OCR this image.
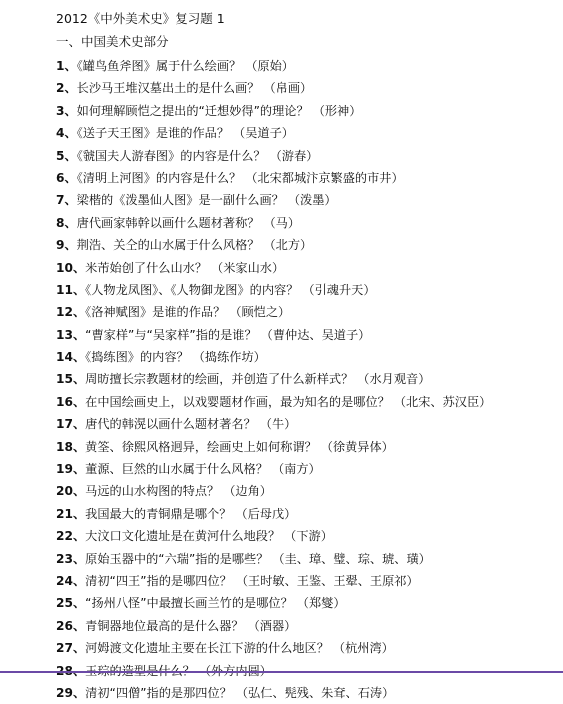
2012《中外美术史》复习题 1
一、中国美术史部分
1、《罐鸟鱼斧图》属于什么绘画？ （原始）
2、长沙马王堆汉墓出土的是什么画？ （帛画）
3、如何理解顾恺之提出的“迁想妙得”的理论？ （形神）
4、《送子天王图》是谁的作品？ （吴道子）
5、《虢国夫人游春图》的内容是什么？ （游春）
6、《清明上河图》的内容是什么？ （北宋都城汴京繁盛的市井）
7、梁楷的《泼墨仙人图》是一副什么画？ （泼墨）
8、唐代画家韩幹以画什么题材著称？ （马）
9、荆浩、关仝的山水属于什么风格？ （北方）
10、米芾始创了什么山水？ （米家山水）
11、《人物龙凤图》、《人物御龙图》的内容？ （引魂升天）
12、《洛神赋图》是谁的作品？ （顾恺之）
13、“曹家样”与“吴家样”指的是谁？ （曹仲达、吴道子）
14、《捣练图》的内容？ （捣练作坊）
15、周昉擅长宗教题材的绘画，并创造了什么新样式？ （水月观音）
16、在中国绘画史上，以戏婴题材作画，最为知名的是哪位？ （北宋、苏汉臣）
17、唐代的韩滉以画什么题材著名？ （牛）
18、黄筌、徐熙风格迥异，绘画史上如何称谓？ （徐黄异体）
19、董源、巨然的山水属于什么风格？ （南方）
20、马远的山水构图的特点？ （边角）
21、我国最大的青铜鼎是哪个？ （后母戊）
22、大汶口文化遗址是在黄河什么地段？ （下游）
23、原始玉器中的“六瑞”指的是哪些？ （圭、璋、璧、琮、琥、璜）
24、清初“四王”指的是哪四位？ （王时敏、王鉴、王翚、王原祁）
25、“扬州八怪”中最擅长画兰竹的是哪位？ （郑燮）
26、青铜器地位最高的是什么器？ （酒器）
27、河姆渡文化遗址主要在长江下游的什么地区？ （杭州湾）
29、清初“四僧”指的是那四位？ （弘仁、髡残、朱耷、石涛）
